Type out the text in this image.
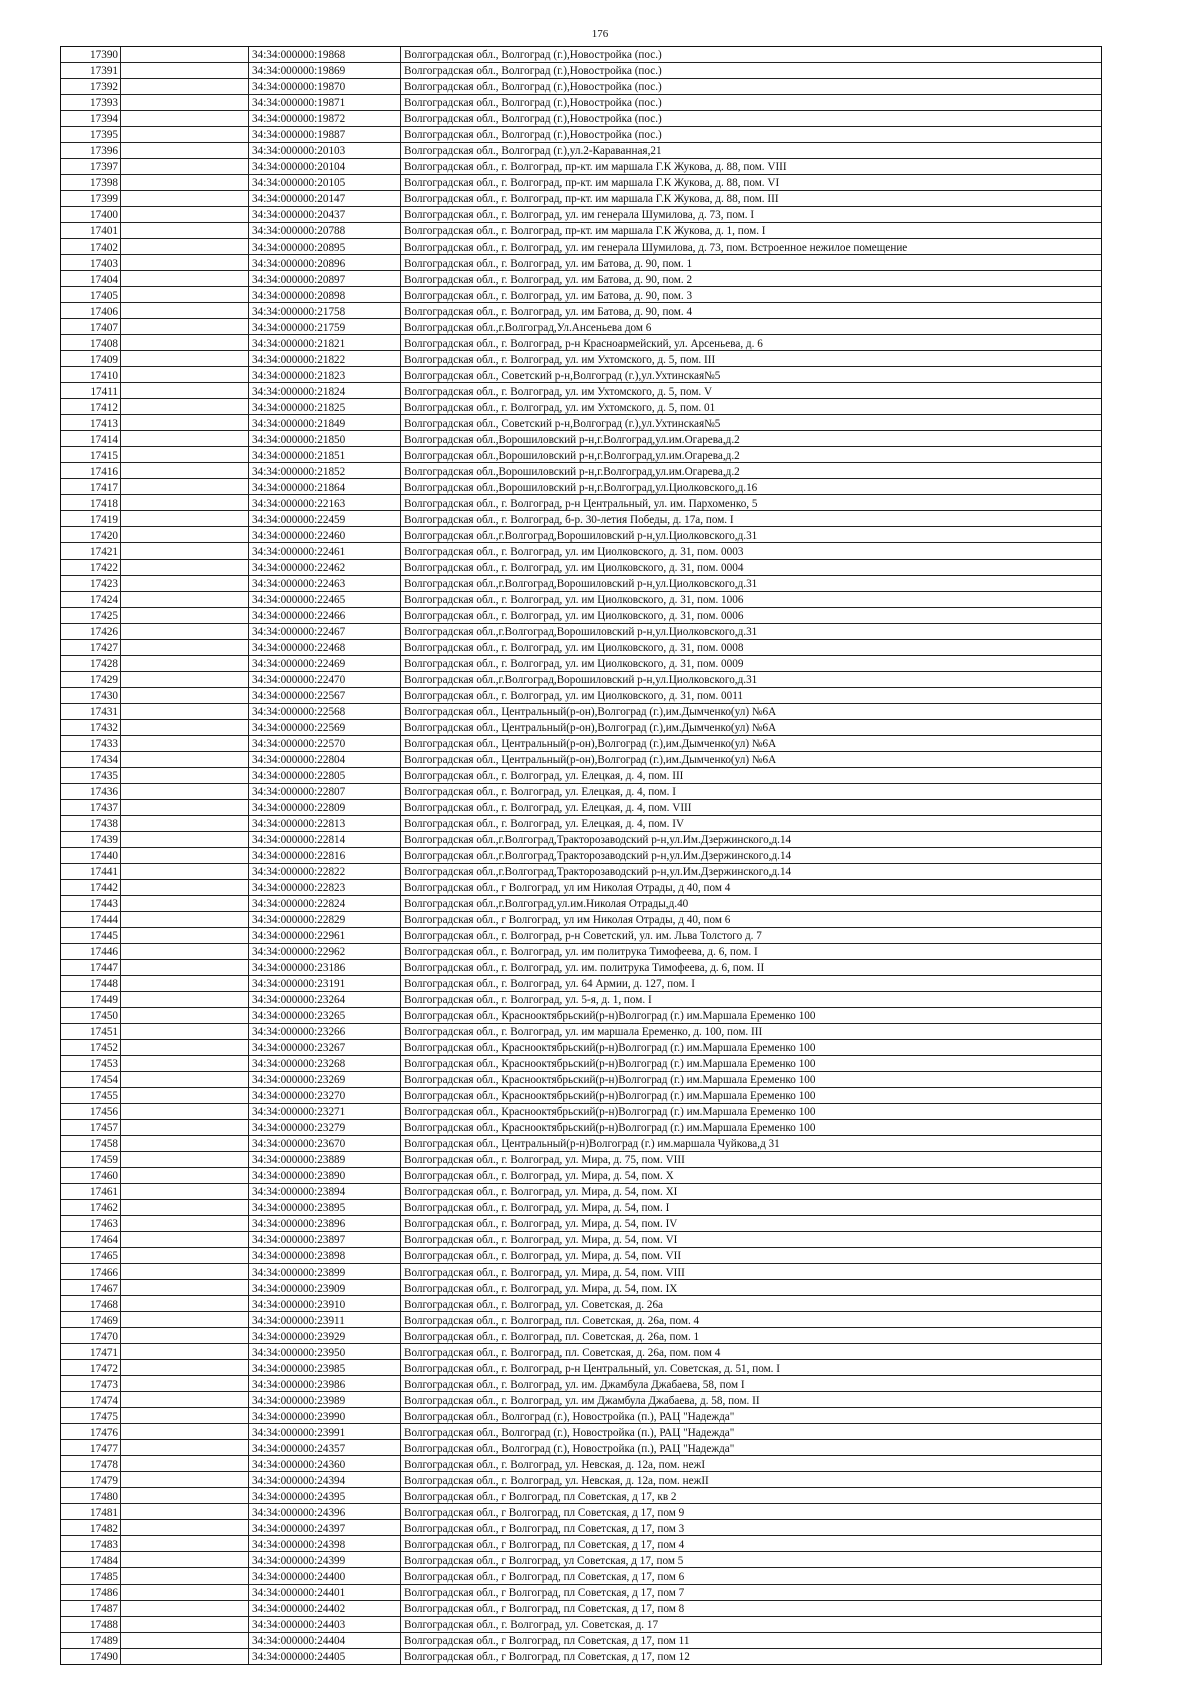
176
17390	34:34:000000:19868	Волгоградская обл., Волгоград (г.),Новостройка (пос.)
17391	34:34:000000:19869	Волгоградская обл., Волгоград (г.),Новостройка (пос.)
17392	34:34:000000:19870	Волгоградская обл., Волгоград (г.),Новостройка (пос.)
17393	34:34:000000:19871	Волгоградская обл., Волгоград (г.),Новостройка (пос.)
17394	34:34:000000:19872	Волгоградская обл., Волгоград (г.),Новостройка (пос.)
17395	34:34:000000:19887	Волгоградская обл., Волгоград (г.),Новостройка (пос.)
17396	34:34:000000:20103	Волгоградская обл., Волгоград (г.),ул.2-Караванная,21
17397	34:34:000000:20104	Волгоградская обл., г. Волгоград, пр-кт. им маршала Г.К Жукова, д. 88, пом. VIII
17398	34:34:000000:20105	Волгоградская обл., г. Волгоград, пр-кт. им маршала Г.К Жукова, д. 88, пом. VI
17399	34:34:000000:20147	Волгоградская обл., г. Волгоград, пр-кт. им маршала Г.К Жукова, д. 88, пом. III
17400	34:34:000000:20437	Волгоградская обл., г. Волгоград, ул. им генерала Шумилова, д. 73, пом. I
17401	34:34:000000:20788	Волгоградская обл., г. Волгоград, пр-кт. им маршала Г.К Жукова, д. 1, пом. I
17402	34:34:000000:20895	Волгоградская обл., г. Волгоград, ул. им генерала Шумилова, д. 73, пом. Встроенное нежилое помещение
17403	34:34:000000:20896	Волгоградская обл., г. Волгоград, ул. им Батова, д. 90, пом. 1
17404	34:34:000000:20897	Волгоградская обл., г. Волгоград, ул. им Батова, д. 90, пом. 2
17405	34:34:000000:20898	Волгоградская обл., г. Волгоград, ул. им Батова, д. 90, пом. 3
17406	34:34:000000:21758	Волгоградская обл., г. Волгоград, ул. им Батова, д. 90, пом. 4
17407	34:34:000000:21759	Волгоградская обл.,г.Волгоград,Ул.Ансеньева дом 6
17408	34:34:000000:21821	Волгоградская обл., г. Волгоград, р-н Красноармейский, ул. Арсеньева, д. 6
17409	34:34:000000:21822	Волгоградская обл., г. Волгоград, ул. им Ухтомского, д. 5, пом. III
17410	34:34:000000:21823	Волгоградская обл., Советский р-н,Волгоград (г.),ул.Ухтинская№5
17411	34:34:000000:21824	Волгоградская обл., г. Волгоград, ул. им Ухтомского, д. 5, пом. V
17412	34:34:000000:21825	Волгоградская обл., г. Волгоград, ул. им Ухтомского, д. 5, пом. 01
17413	34:34:000000:21849	Волгоградская обл., Советский р-н,Волгоград (г.),ул.Ухтинская№5
17414	34:34:000000:21850	Волгоградская обл.,Ворошиловский р-н,г.Волгоград,ул.им.Огарева,д.2
17415	34:34:000000:21851	Волгоградская обл.,Ворошиловский р-н,г.Волгоград,ул.им.Огарева,д.2
17416	34:34:000000:21852	Волгоградская обл.,Ворошиловский р-н,г.Волгоград,ул.им.Огарева,д.2
17417	34:34:000000:21864	Волгоградская обл.,Ворошиловский р-н,г.Волгоград,ул.Циолковского,д.16
17418	34:34:000000:22163	Волгоградская обл., г. Волгоград, р-н Центральный, ул. им. Пархоменко, 5
17419	34:34:000000:22459	Волгоградская обл., г. Волгоград, б-р. 30-летия Победы, д. 17а, пом. I
17420	34:34:000000:22460	Волгоградская обл.,г.Волгоград,Ворошиловский р-н,ул.Циолковского,д.31
17421	34:34:000000:22461	Волгоградская обл., г. Волгоград, ул. им Циолковского, д. 31, пом. 0003
17422	34:34:000000:22462	Волгоградская обл., г. Волгоград, ул. им Циолковского, д. 31, пом. 0004
17423	34:34:000000:22463	Волгоградская обл.,г.Волгоград,Ворошиловский р-н,ул.Циолковского,д.31
17424	34:34:000000:22465	Волгоградская обл., г. Волгоград, ул. им Циолковского, д. 31, пом. 1006
17425	34:34:000000:22466	Волгоградская обл., г. Волгоград, ул. им Циолковского, д. 31, пом. 0006
17426	34:34:000000:22467	Волгоградская обл.,г.Волгоград,Ворошиловский р-н,ул.Циолковского,д.31
17427	34:34:000000:22468	Волгоградская обл., г. Волгоград, ул. им Циолковского, д. 31, пом. 0008
17428	34:34:000000:22469	Волгоградская обл., г. Волгоград, ул. им Циолковского, д. 31, пом. 0009
17429	34:34:000000:22470	Волгоградская обл.,г.Волгоград,Ворошиловский р-н,ул.Циолковского,д.31
17430	34:34:000000:22567	Волгоградская обл., г. Волгоград, ул. им Циолковского, д. 31, пом. 0011
17431	34:34:000000:22568	Волгоградская обл., Центральный(р-он),Волгоград (г.),им.Дымченко(ул) №6А
17432	34:34:000000:22569	Волгоградская обл., Центральный(р-он),Волгоград (г.),им.Дымченко(ул) №6А
17433	34:34:000000:22570	Волгоградская обл., Центральный(р-он),Волгоград (г.),им.Дымченко(ул) №6А
17434	34:34:000000:22804	Волгоградская обл., Центральный(р-он),Волгоград (г.),им.Дымченко(ул) №6А
17435	34:34:000000:22805	Волгоградская обл., г. Волгоград, ул. Елецкая, д. 4, пом. III
17436	34:34:000000:22807	Волгоградская обл., г. Волгоград, ул. Елецкая, д. 4, пом. I
17437	34:34:000000:22809	Волгоградская обл., г. Волгоград, ул. Елецкая, д. 4, пом. VIII
17438	34:34:000000:22813	Волгоградская обл., г. Волгоград, ул. Елецкая, д. 4, пом. IV
17439	34:34:000000:22814	Волгоградская обл.,г.Волгоград,Тракторозаводский р-н,ул.Им.Дзержинского,д.14
17440	34:34:000000:22816	Волгоградская обл.,г.Волгоград,Тракторозаводский р-н,ул.Им.Дзержинского,д.14
17441	34:34:000000:22822	Волгоградская обл.,г.Волгоград,Тракторозаводский р-н,ул.Им.Дзержинского,д.14
17442	34:34:000000:22823	Волгоградская обл., г Волгоград, ул им Николая Отрады, д 40, пом 4
17443	34:34:000000:22824	Волгоградская обл.,г.Волгоград,ул.им.Николая Отрады,д.40
17444	34:34:000000:22829	Волгоградская обл., г Волгоград, ул им Николая Отрады, д 40, пом 6
17445	34:34:000000:22961	Волгоградская обл., г. Волгоград, р-н Советский, ул. им. Льва Толстого д. 7
17446	34:34:000000:22962	Волгоградская обл., г. Волгоград, ул. им политрука Тимофеева, д. 6, пом. I
17447	34:34:000000:23186	Волгоградская обл., г. Волгоград, ул. им. политрука Тимофеева, д. 6, пом. II
17448	34:34:000000:23191	Волгоградская обл., г. Волгоград, ул. 64 Армии, д. 127, пом. I
17449	34:34:000000:23264	Волгоградская обл., г. Волгоград, ул. 5-я, д. 1, пом. I
17450	34:34:000000:23265	Волгоградская обл., Краснооктябрьский(р-н)Волгоград (г.) им.Маршала Еременко 100
17451	34:34:000000:23266	Волгоградская обл., г. Волгоград, ул. им маршала Еременко, д. 100, пом. III
17452	34:34:000000:23267	Волгоградская обл., Краснооктябрьский(р-н)Волгоград (г.) им.Маршала Еременко 100
17453	34:34:000000:23268	Волгоградская обл., Краснооктябрьский(р-н)Волгоград (г.) им.Маршала Еременко 100
17454	34:34:000000:23269	Волгоградская обл., Краснооктябрьский(р-н)Волгоград (г.) им.Маршала Еременко 100
17455	34:34:000000:23270	Волгоградская обл., Краснооктябрьский(р-н)Волгоград (г.) им.Маршала Еременко 100
17456	34:34:000000:23271	Волгоградская обл., Краснооктябрьский(р-н)Волгоград (г.) им.Маршала Еременко 100
17457	34:34:000000:23279	Волгоградская обл., Краснооктябрьский(р-н)Волгоград (г.) им.Маршала Еременко 100
17458	34:34:000000:23670	Волгоградская обл., Центральный(р-н)Волгоград (г.) им.маршала Чуйкова,д 31
17459	34:34:000000:23889	Волгоградская обл., г. Волгоград, ул. Мира, д. 75, пом. VIII
17460	34:34:000000:23890	Волгоградская обл., г. Волгоград, ул. Мира, д. 54, пом. X
17461	34:34:000000:23894	Волгоградская обл., г. Волгоград, ул. Мира, д. 54, пом. XI
17462	34:34:000000:23895	Волгоградская обл., г. Волгоград, ул. Мира, д. 54, пом. I
17463	34:34:000000:23896	Волгоградская обл., г. Волгоград, ул. Мира, д. 54, пом. IV
17464	34:34:000000:23897	Волгоградская обл., г. Волгоград, ул. Мира, д. 54, пом. VI
17465	34:34:000000:23898	Волгоградская обл., г. Волгоград, ул. Мира, д. 54, пом. VII
17466	34:34:000000:23899	Волгоградская обл., г. Волгоград, ул. Мира, д. 54, пом. VIII
17467	34:34:000000:23909	Волгоградская обл., г. Волгоград, ул. Мира, д. 54, пом. IX
17468	34:34:000000:23910	Волгоградская обл., г. Волгоград, ул. Советская, д. 26а
17469	34:34:000000:23911	Волгоградская обл., г. Волгоград, пл. Советская, д. 26а, пом. 4
17470	34:34:000000:23929	Волгоградская обл., г. Волгоград, пл. Советская, д. 26а, пом. 1
17471	34:34:000000:23950	Волгоградская обл., г. Волгоград, пл. Советская, д. 26а, пом. пом 4
17472	34:34:000000:23985	Волгоградская обл., г. Волгоград, р-н Центральный, ул. Советская, д. 51, пом. I
17473	34:34:000000:23986	Волгоградская обл., г. Волгоград, ул. им. Джамбула Джабаева, 58, пом I
17474	34:34:000000:23989	Волгоградская обл., г. Волгоград, ул. им Джамбула Джабаева, д. 58, пом. II
17475	34:34:000000:23990	Волгоградская обл., Волгоград (г.), Новостройка (п.), РАЦ "Надежда"
17476	34:34:000000:23991	Волгоградская обл., Волгоград (г.), Новостройка (п.), РАЦ "Надежда"
17477	34:34:000000:24357	Волгоградская обл., Волгоград (г.), Новостройка (п.), РАЦ "Надежда"
17478	34:34:000000:24360	Волгоградская обл., г. Волгоград, ул. Невская, д. 12а, пом. нежI
17479	34:34:000000:24394	Волгоградская обл., г. Волгоград, ул. Невская, д. 12а, пом. нежII
17480	34:34:000000:24395	Волгоградская обл., г Волгоград, пл Советская, д 17, кв 2
17481	34:34:000000:24396	Волгоградская обл., г Волгоград, пл Советская, д 17, пом 9
17482	34:34:000000:24397	Волгоградская обл., г Волгоград, пл Советская, д 17, пом 3
17483	34:34:000000:24398	Волгоградская обл., г Волгоград, пл Советская, д 17, пом 4
17484	34:34:000000:24399	Волгоградская обл., г Волгоград, ул Советская, д 17, пом 5
17485	34:34:000000:24400	Волгоградская обл., г Волгоград, пл Советская, д 17, пом 6
17486	34:34:000000:24401	Волгоградская обл., г Волгоград, пл Советская, д 17, пом 7
17487	34:34:000000:24402	Волгоградская обл., г Волгоград, пл Советская, д 17, пом 8
17488	34:34:000000:24403	Волгоградская обл., г. Волгоград, ул. Советская, д. 17
17489	34:34:000000:24404	Волгоградская обл., г Волгоград, пл Советская, д 17, пом 11
17490	34:34:000000:24405	Волгоградская обл., г Волгоград, пл Советская, д 17, пом 12
